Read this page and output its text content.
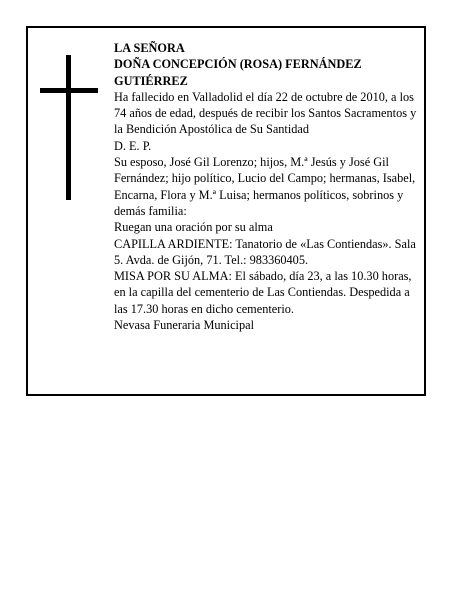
LA SEÑORA

DOÑA CONCEPCIÓN (ROSA) FERNÁNDEZ GUTIÉRREZ

Ha fallecido en Valladolid el día 22 de octubre de 2010, a los 74 años de edad, después de recibir los Santos Sacramentos y la Bendición Apostólica de Su Santidad

D. E. P.

Su esposo, José Gil Lorenzo; hijos, M.ª Jesús y José Gil Fernández; hijo político, Lucio del Campo; hermanas, Isabel, Encarna, Flora y M.ª Luisa; hermanos políticos, sobrinos y demás familia:

Ruegan una oración por su alma

CAPILLA ARDIENTE: Tanatorio de «Las Contiendas». Sala 5. Avda. de Gijón, 71. Tel.: 983360405.

MISA POR SU ALMA: El sábado, día 23, a las 10.30 horas, en la capilla del cementerio de Las Contiendas. Despedida a las 17.30 horas en dicho cementerio.

Nevasa Funeraria Municipal
